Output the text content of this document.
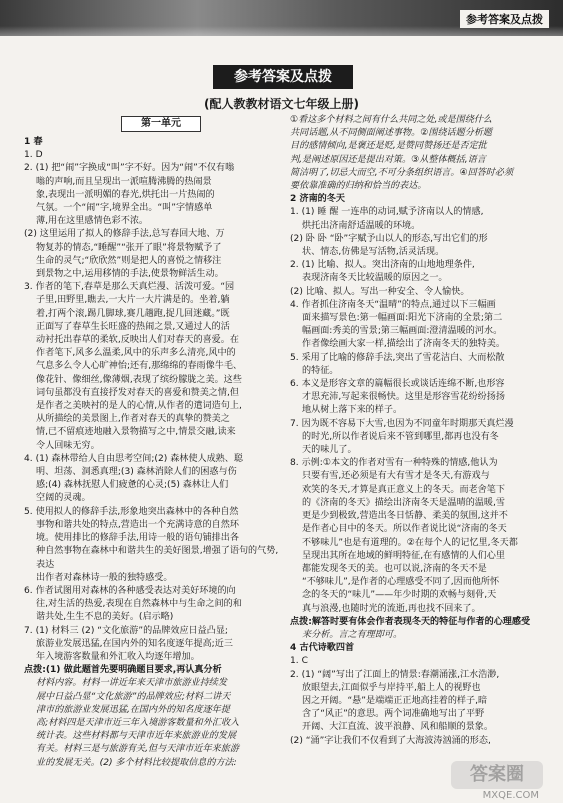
参考答案及点拨
参考答案及点拨
(配人教教材语文七年级上册)
第一单元

1 春

1. D

2. (1) 把“闹”字换成“叫”字不好。因为“闹”不仅有嗡

嗡的声响,而且呈现出一派喧腾沸腾的热闹景

象,表现出一派明媚的春光,烘托出一片热闹的

气氛。一个“闹”字,境界全出。“叫”字情感单

薄,用在这里感情色彩不浓。

(2) 这里运用了拟人的修辞手法,总写春回大地、万

物复苏的情态,“睡醒”“张开了眼”将景物赋予了

生命的灵气;“欣欣然”则是把人的喜悦之情移注

到景物之中,运用移情的手法,使景物鲜活生动。

3. 作者的笔下,春草是那么天真烂漫、活泼可爱。“园

子里,田野里,瞧去,一大片一大片满是的。坐着,躺

着,打两个滚,踢几脚球,赛几趟跑,捉几回迷藏。”既

正面写了春草生长旺盛的热闹之景,又通过人的活

动衬托出春草的柔软,反映出人们对春天的喜爱。在

作者笔下,风多么温柔,风中的乐声多么清亮,风中的

气息多么令人心旷神怡;还有,那绵绵的春雨像牛毛、

像花针、像细丝,像薄烟,表现了缤纷朦胧之美。这些

词句虽都没有直接抒发对春天的喜爱和赞美之情,但

是作者之美映衬的是人的心情,从作者的遣词造句上,

从所描绘的美景图上,作者对春天的真挚的赞美之

情,已不留痕迹地融入景物描写之中,情景交融,读来

令人回味无穷。

4. (1) 森林带给人自由思考空间;(2) 森林使人成熟、聪

明、坦荡、洞悉真理;(3) 森林消除人们的困惑与伤

感;(4) 森林抚慰人们疲惫的心灵;(5) 森林让人们

空阔的灵魂。

5. 使用拟人的修辞手法,形象地突出森林中的各种自然

事物和谐共处的特点,营造出一个充满诗意的自然环

境。使用排比的修辞手法,用诗一般的语句铺排出各

种自然事物在森林中和谐共生的美好图景,增强了语句的气势,表达

出作者对森林诗一般的独特感受。

6. 作者试图用对森林的各种感受表达对美好环境的向

往,对生活的热爱,表现在自然森林中与生命之间的和

谐共处,生生不息的美好。(启示略)

7. (1) 材料三 (2) “文化旅游”的品牌效应日益凸显;

旅游业发展迅猛,在国内外的知名度逐年提高;近三

年入境游客数量和外汇收入均逐年增加。

点拨:(1) 做此题首先要明确题目要求,再认真分析

材料内容。材料一讲近年来天津市旅游业持续发

展中日益凸显“文化旅游”的品牌效应;材料二讲天

津市的旅游业发展迅猛,在国内外的知名度逐年提

高;材料四是天津市近三年入境游客数量和外汇收入

统计表。这些材料都与天津市近年来旅游业的发展

有关。材料三是与旅游有关,但与天津市近年来旅游

业的发展无关。(2) 多个材料比较提取信息的方法:

①看这多个材料之间有什么共同之处,或是围绕什么

共同话题,从不同侧面阐述事物。②围绕话题分析题

目的感情倾向,是褒还是贬,是赞同赞扬还是否定批

判,是阐述原因还是提出对策。③从整体概括,语言

简洁明了,切忌大而空,不可分条组织语言。④回答时必须

要依靠准确的归纳和恰当的表达。

2 济南的冬天

1. (1) 睡 醒 一连串的动词,赋予济南以人的情感,

烘托出济南舒适温暖的环境。

(2) 卧 卧 “卧”字赋予山以人的形态,写出它们的形

状、情态,仿佛是写活物,活灵活现。

2. (1) 比喻、拟人。突出济南的山地地理条件,

表现济南冬天比较温暖的原因之一。

(2) 比喻、拟人。写出一种安全、令人愉快。

4. 作者抓住济南冬天“温晴”的特点,通过以下三幅画

面来描写景色:第一幅画面:阳光下济南的全景;第二

幅画面:秀美的雪景;第三幅画面:澄清温暖的河水。

作者像绘画大家一样,描绘出了济南冬天的独特美。

5. 采用了比喻的修辞手法,突出了雪花洁白、大而松散

的特征。

6. 本义是形容文章的篇幅很长或谈话连绵不断,也形容

才思充沛,写起来很畅快。这里是形容雪花纷纷扬扬

地从树上落下来的样子。

7. 因为既不容易下大雪,也因为不同童年时期那天真烂漫

的时光,所以作者说后来不管到哪里,都再也没有冬

天的味儿了。

8. 示例:①本文的作者对雪有一种特殊的情感,他认为

只要有雪,还必须是有大有雪才是冬天,有游戏与

欢笑的冬天,才算是真正意义上的冬天。而老舍笔下

的《济南的冬天》描绘出济南冬天是温晴的温暖,雪

更是少到极致,营造出冬日恬静、柔美的氛围,这并不

是作者心目中的冬天。所以作者说比说“济南的冬天

不够味儿”也是有道理的。②在每个人的记忆里,冬天都

呈现出其所在地域的鲜明特征,在有感情的人们心里

都能发现冬天的美。也可以说,济南的冬天不是

“不够味儿”,是作者的心理感受不同了,因而他所怀

念的冬天的“味儿”——年少时期的欢畅与刻骨,天

真与浪漫,也随时光的流逝,再也找不回来了。

点拨:解答时要有体会作者表现冬天的特征与作者的心理感受

来分析。言之有理即可。

4 古代诗歌四首

1. C

2. (1) “阔”写出了江面上的情景:春潮涌涨,江水浩渺,

放眼望去,江面似乎与岸持平,船上人的视野也

因之开阔。“悬”是端端正正地高挂着的样子,暗

含了“风正”的意思。两个词准确地写出了平野

开阔、大江直流、波平浪静、风和船顺的景象。

(2) “涌”字让我们不仅看到了大海波涛汹涌的形态,

答案圈
MXQE.COM
